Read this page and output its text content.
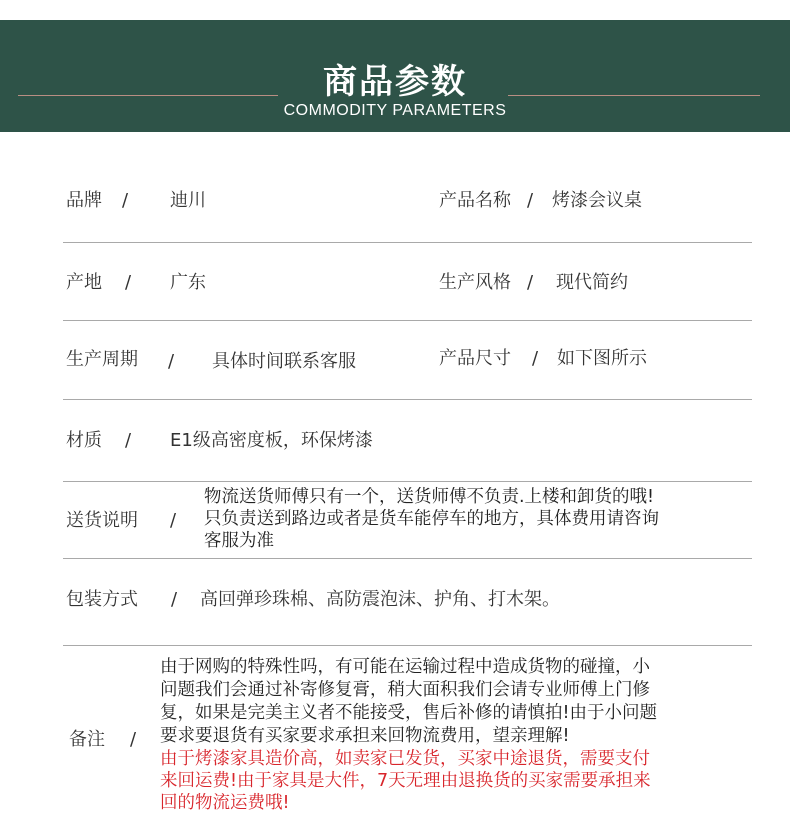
商品参数
COMMODITY PARAMETERS
品牌 / 迪川	产品名称 / 烤漆会议桌
产地 / 广东	生产风格 / 现代简约
生产周期 / 具体时间联系客服	产品尺寸 / 如下图所示
材质 / E1级高密度板，环保烤漆
送货说明 /
物流送货师傅只有一个，送货师傅不负责.上楼和卸货的哦!
只负责送到路边或者是货车能停车的地方，具体费用请咨询
客服为准
包装方式 / 高回弹珍珠棉、高防震泡沫、护角、打木架。
备注 /
由于网购的特殊性吗，有可能在运输过程中造成货物的碰撞，小
问题我们会通过补寄修复膏，稍大面积我们会请专业师傅上门修
复，如果是完美主义者不能接受，售后补修的请慎拍!由于小问题
要求要退货有买家要求承担来回物流费用，望亲理解!
由于烤漆家具造价高，如卖家已发货，买家中途退货，需要支付
来回运费!由于家具是大件，7天无理由退换货的买家需要承担来
回的物流运费哦!
